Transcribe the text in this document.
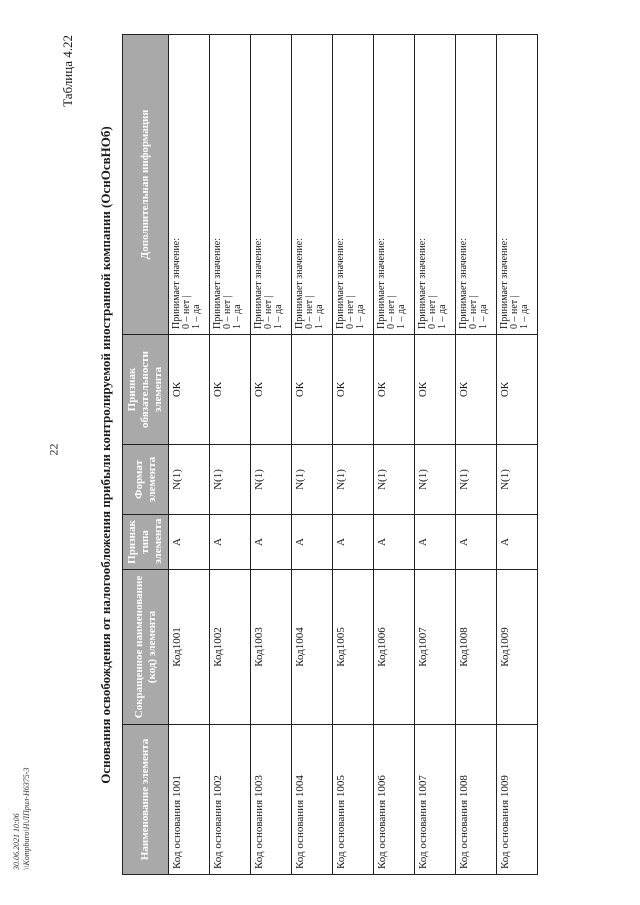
22
Таблица 4.22
Основания освобождения от налогообложения прибыли контролируемой иностранной компании (ОснОсвНОб)
Наименование элемента	Сокращенное наименование (код) элемента	Признак типа элемента	Формат элемента	Признак обязательности элемента	Дополнительная информация
Код основания 1001	Код1001	А	N(1)	ОК	Принимает значение: 0 – нет | 1 – да

Код основания 1002	Код1002	А	N(1)	ОК	Принимает значение: 0 – нет | 1 – да

Код основания 1003	Код1003	А	N(1)	ОК	Принимает значение: 0 – нет | 1 – да

Код основания 1004	Код1004	А	N(1)	ОК	Принимает значение: 0 – нет | 1 – да

Код основания 1005	Код1005	А	N(1)	ОК	Принимает значение: 0 – нет | 1 – да

Код основания 1006	Код1006	А	N(1)	ОК	Принимает значение: 0 – нет | 1 – да

Код основания 1007	Код1007	А	N(1)	ОК	Принимает значение: 0 – нет | 1 – да

Код основания 1008	Код1008	А	N(1)	ОК	Принимает значение: 0 – нет | 1 – да

Код основания 1009	Код1009	А	N(1)	ОК	Принимает значение: 0 – нет | 1 – да
30.06.2021 10:06 \\Kompburo\H\ЛПрил-Н6375-3
